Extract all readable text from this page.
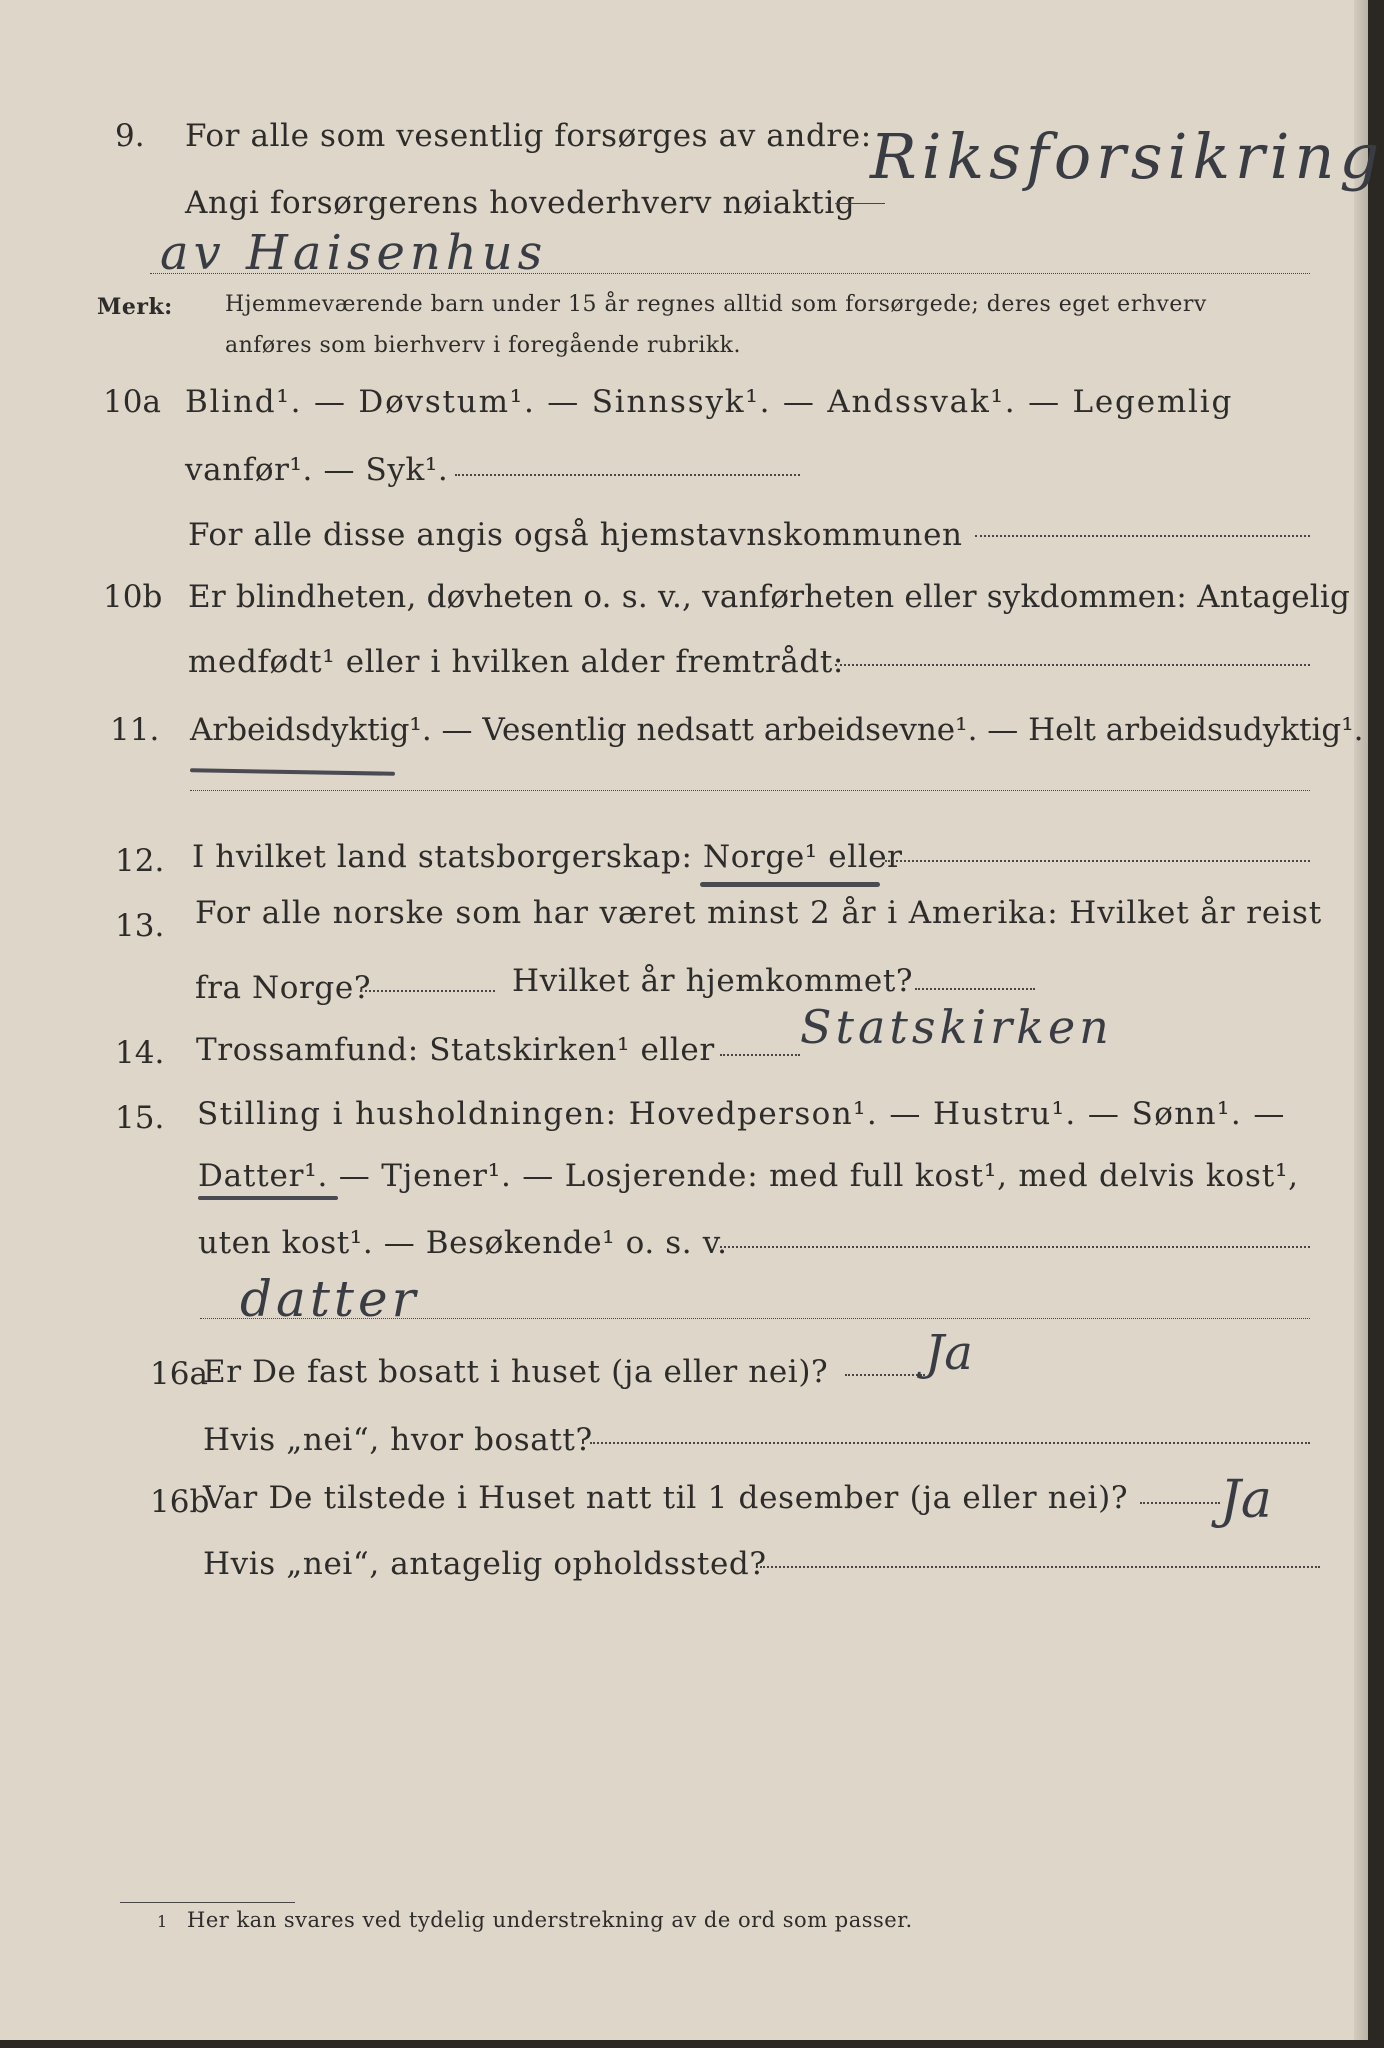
9. For alle som vesentlig forsørges av andre:
Angi forsørgerens hovederhverv nøiaktig
Riksforsikring
av Haisenhus
Merk: Hjemmeværende barn under 15 år regnes alltid som forsørgede; deres eget erhverv
anføres som bierhverv i foregående rubrikk.
10a Blind¹. — Døvstum¹. — Sinnssyk¹. — Andssvak¹. — Legemlig
vanfør¹. — Syk¹.
For alle disse angis også hjemstavnskommunen
10b Er blindheten, døvheten o. s. v., vanførheten eller sykdommen: Antagelig
medfødt¹ eller i hvilken alder fremtrådt:
11. Arbeidsdyktig¹. — Vesentlig nedsatt arbeidsevne¹. — Helt arbeidsudyktig¹.
12. I hvilket land statsborgerskap: Norge¹ eller
13. For alle norske som har været minst 2 år i Amerika: Hvilket år reist
fra Norge?	Hvilket år hjemkommet?
14. Trossamfund: Statskirken¹ eller Statskirken
15. Stilling i husholdningen: Hovedperson¹. — Hustru¹. — Sønn¹. —
Datter¹. — Tjener¹. — Losjerende: med full kost¹, med delvis kost¹,
uten kost¹. — Besøkende¹ o. s. v.
datter
16a
Er De fast bosatt i huset (ja eller nei)? Ja
Hvis „nei“, hvor bosatt?
16b
Var De tilstede i Huset natt til 1 desember (ja eller nei)? Ja
Hvis „nei“, antagelig opholdssted?
1 Her kan svares ved tydelig understrekning av de ord som passer.
